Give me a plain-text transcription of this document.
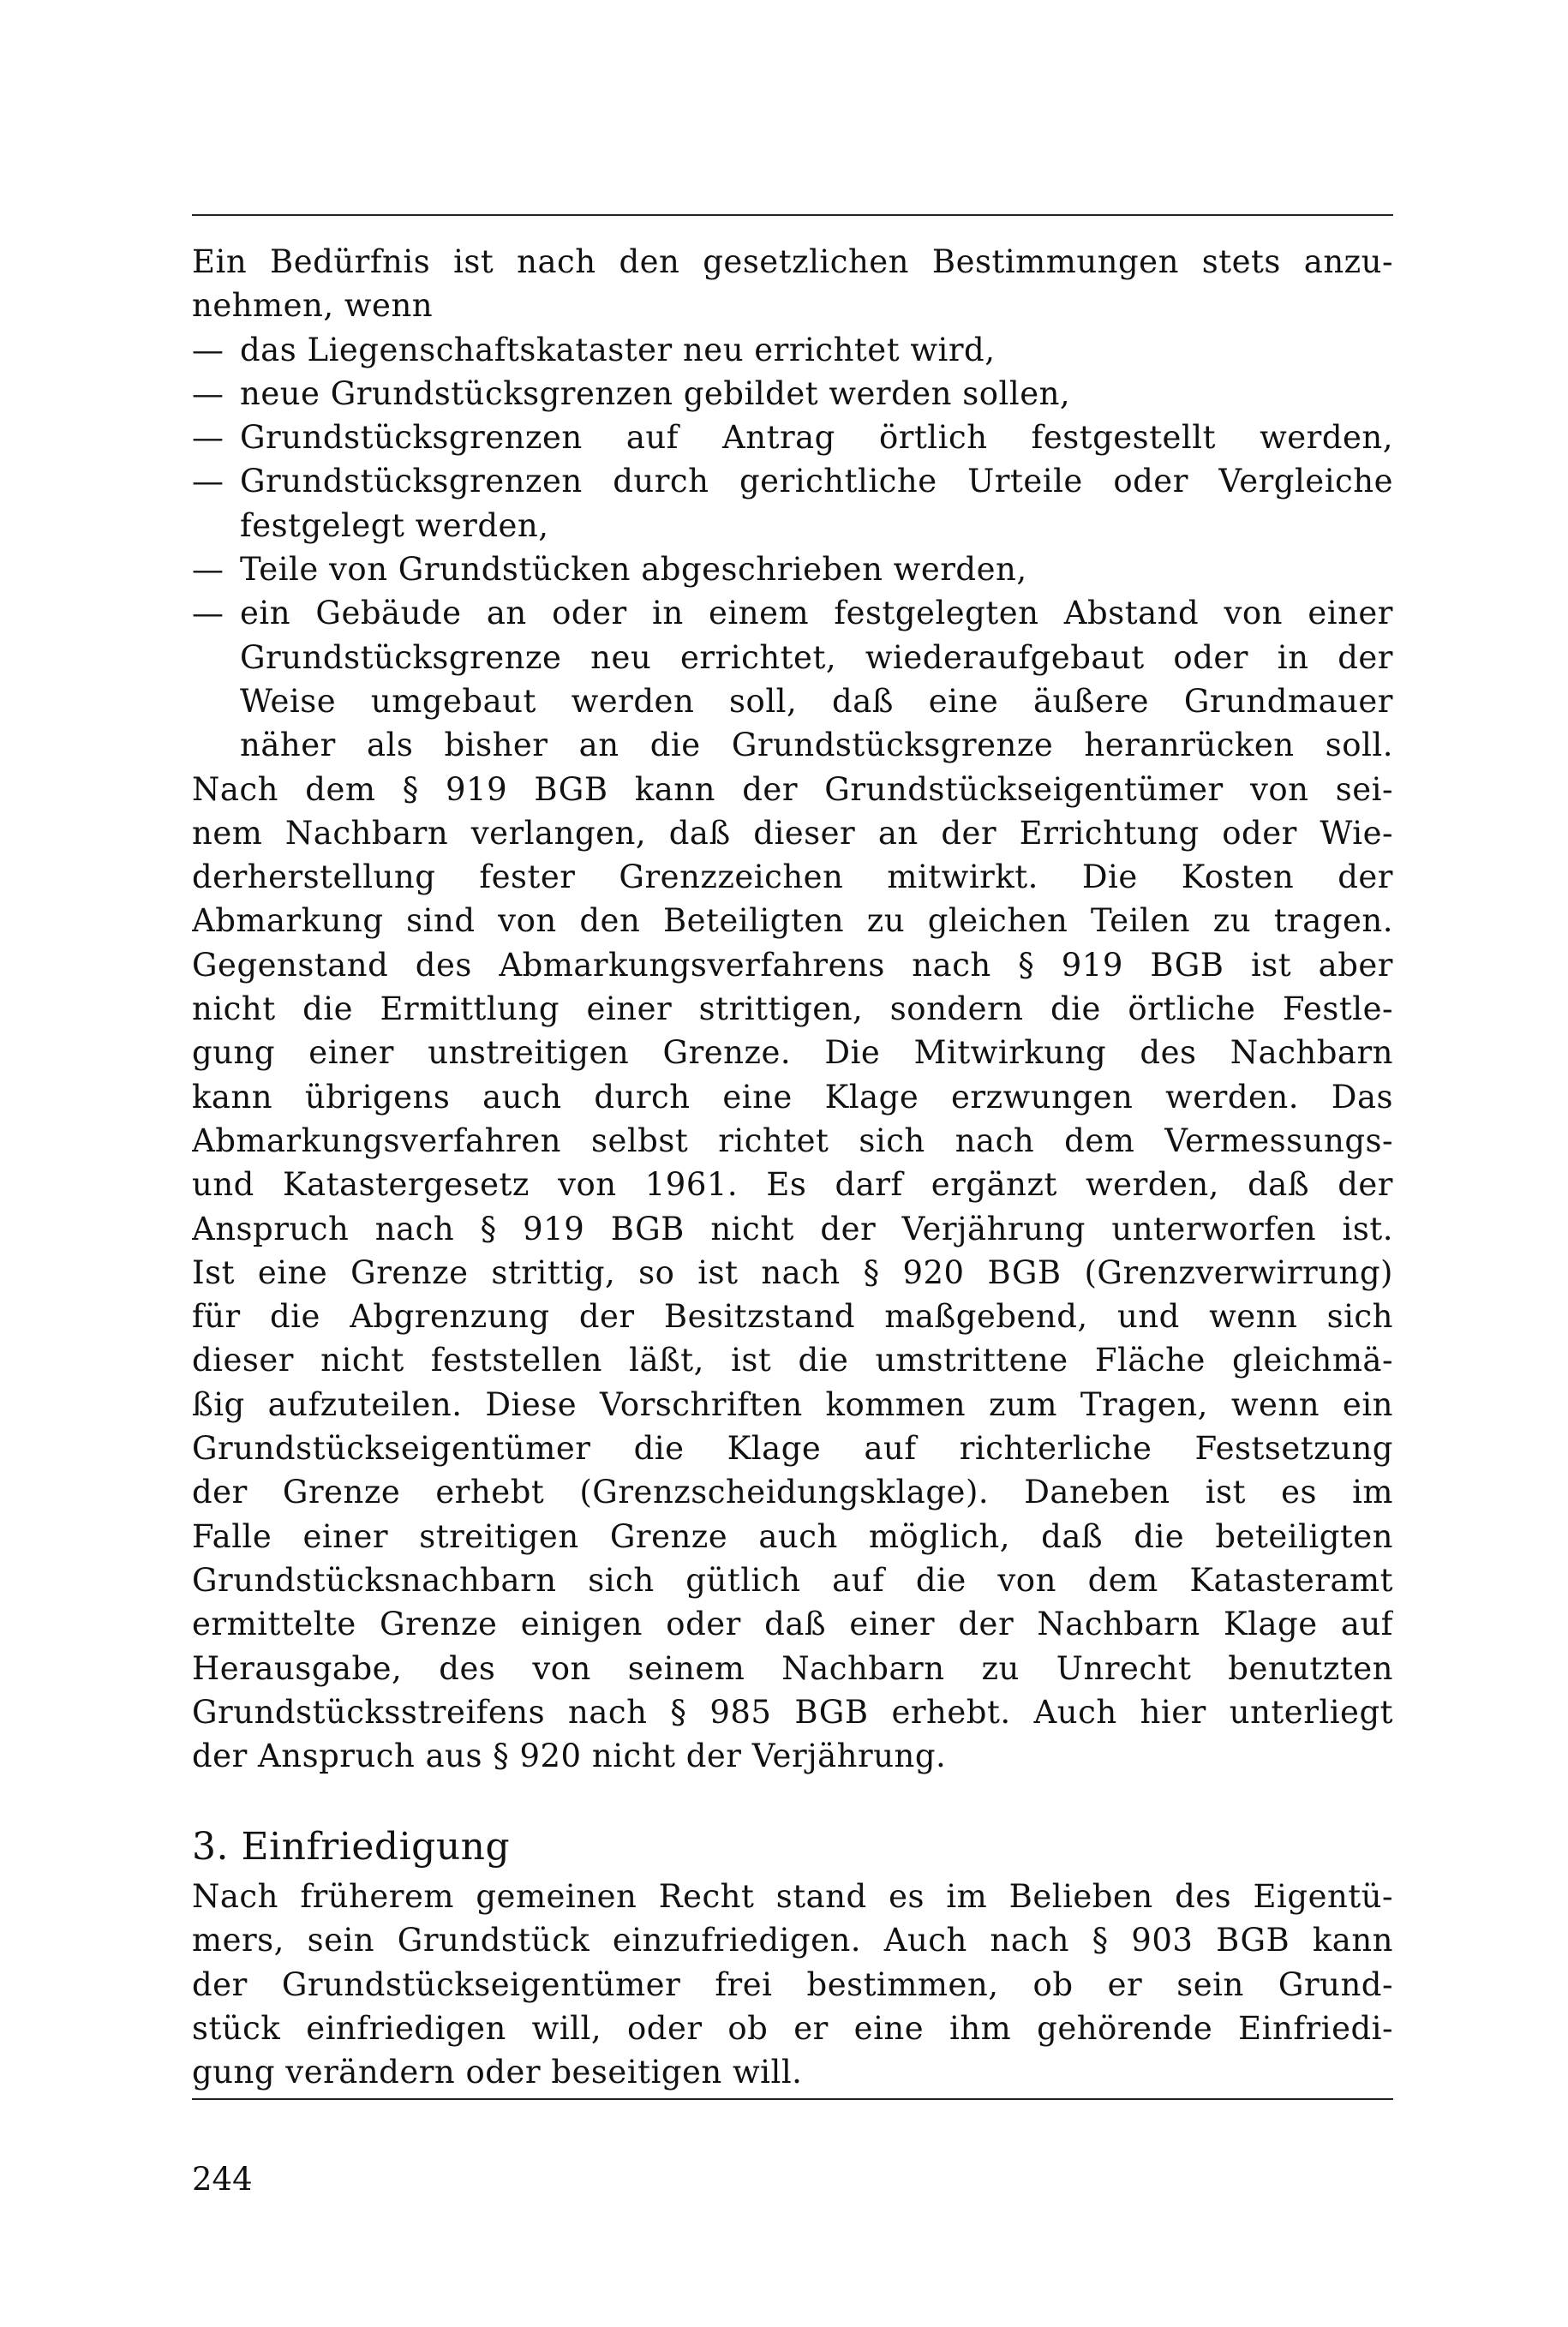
Ein Bedürfnis ist nach den gesetzlichen Bestimmungen stets anzu-
nehmen, wenn
— das Liegenschaftskataster neu errichtet wird,
— neue Grundstücksgrenzen gebildet werden sollen,
— Grundstücksgrenzen auf Antrag örtlich festgestellt werden,
— Grundstücksgrenzen durch gerichtliche Urteile oder Vergleiche
festgelegt werden,
— Teile von Grundstücken abgeschrieben werden,
— ein Gebäude an oder in einem festgelegten Abstand von einer
Grundstücksgrenze neu errichtet, wiederaufgebaut oder in der
Weise umgebaut werden soll, daß eine äußere Grundmauer
näher als bisher an die Grundstücksgrenze heranrücken soll.
Nach dem § 919 BGB kann der Grundstückseigentümer von sei-
nem Nachbarn verlangen, daß dieser an der Errichtung oder Wie-
derherstellung fester Grenzzeichen mitwirkt. Die Kosten der
Abmarkung sind von den Beteiligten zu gleichen Teilen zu tragen.
Gegenstand des Abmarkungsverfahrens nach § 919 BGB ist aber
nicht die Ermittlung einer strittigen, sondern die örtliche Festle-
gung einer unstreitigen Grenze. Die Mitwirkung des Nachbarn
kann übrigens auch durch eine Klage erzwungen werden. Das
Abmarkungsverfahren selbst richtet sich nach dem Vermessungs-
und Katastergesetz von 1961. Es darf ergänzt werden, daß der
Anspruch nach § 919 BGB nicht der Verjährung unterworfen ist.
Ist eine Grenze strittig, so ist nach § 920 BGB (Grenzverwirrung)
für die Abgrenzung der Besitzstand maßgebend, und wenn sich
dieser nicht feststellen läßt, ist die umstrittene Fläche gleichmä-
ßig aufzuteilen. Diese Vorschriften kommen zum Tragen, wenn ein
Grundstückseigentümer die Klage auf richterliche Festsetzung
der Grenze erhebt (Grenzscheidungsklage). Daneben ist es im
Falle einer streitigen Grenze auch möglich, daß die beteiligten
Grundstücksnachbarn sich gütlich auf die von dem Katasteramt
ermittelte Grenze einigen oder daß einer der Nachbarn Klage auf
Herausgabe, des von seinem Nachbarn zu Unrecht benutzten
Grundstücksstreifens nach § 985 BGB erhebt. Auch hier unterliegt
der Anspruch aus § 920 nicht der Verjährung.
3. Einfriedigung
Nach früherem gemeinen Recht stand es im Belieben des Eigentü-
mers, sein Grundstück einzufriedigen. Auch nach § 903 BGB kann
der Grundstückseigentümer frei bestimmen, ob er sein Grund-
stück einfriedigen will, oder ob er eine ihm gehörende Einfriedi-
gung verändern oder beseitigen will.
244
